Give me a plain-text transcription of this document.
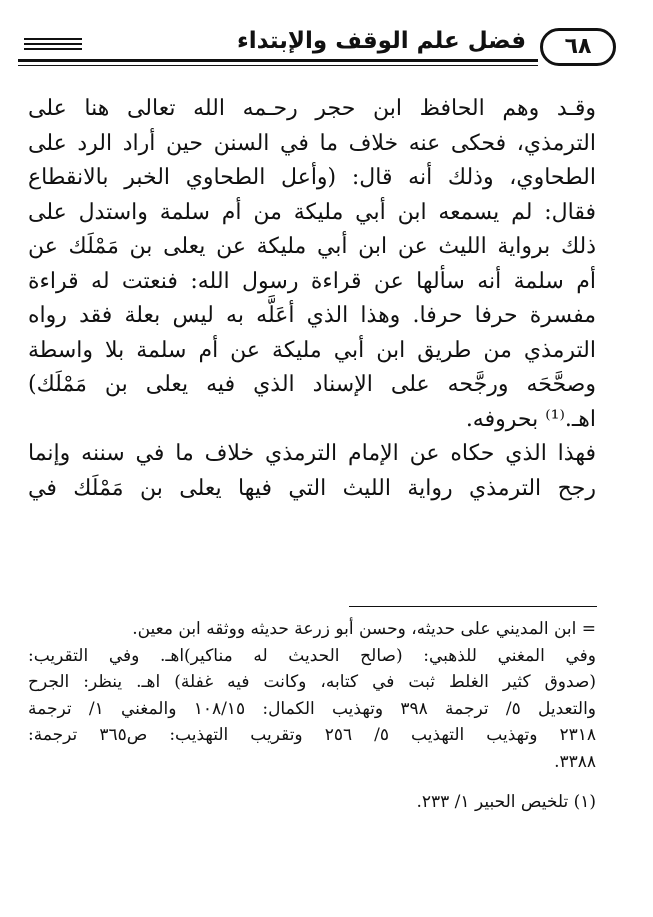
فضل علم الوقف والإبتداء	٦٨
وقـد وهم الحافظ ابن حجر رحـمه الله تعالى هنا على
الترمذي، فحكى عنه خلاف ما في السنن حين أراد الرد على
الطحاوي، وذلك أنه قال: (وأعل الطحاوي الخبر بالانقطاع
فقال: لم يسمعه ابن أبي مليكة من أم سلمة واستدل على
ذلك برواية الليث عن ابن أبي مليكة عن يعلى بن مَمْلَك عن
أم سلمة أنه سألها عن قراءة رسول الله: فنعتت له قراءة
مفسرة حرفا حرفا. وهذا الذي أعَلَّه به ليس بعلة فقد رواه
الترمذي من طريق ابن أبي مليكة عن أم سلمة بلا واسطة
وصحَّحَه ورجَّحه على الإسناد الذي فيه يعلى بن مَمْلَك)
اهـ.⁽¹⁾ بحروفه.
فهذا الذي حكاه عن الإمام الترمذي خلاف ما في سننه وإنما
رجح الترمذي رواية الليث التي فيها يعلى بن مَمْلَك في
= ابن المديني على حديثه، وحسن أبو زرعة حديثه ووثقه ابن معين.
وفي المغني للذهبي: (صالح الحديث له مناكير)اهـ. وفي التقريب:
(صدوق كثير الغلط ثبت في كتابه، وكانت فيه غفلة) اهـ. ينظر: الجرح
والتعديل ٥/ ترجمة ٣٩٨ وتهذيب الكمال: ١٠٨/١٥ والمغني ١/ ترجمة
٢٣١٨ وتهذيب التهذيب ٥/ ٢٥٦ وتقريب التهذيب: ص٣٦٥ ترجمة:
٣٣٨٨.
(١) تلخيص الحبير ١/ ٢٣٣.
